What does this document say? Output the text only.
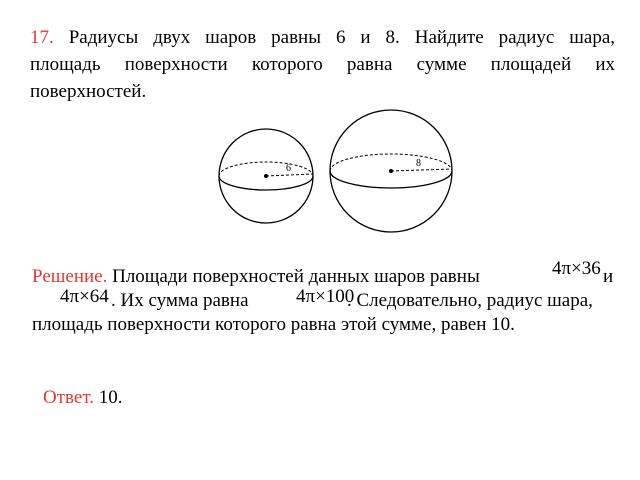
17. Радиусы двух шаров равны 6 и 8. Найдите радиус шара,
площадь поверхности которого равна сумме площадей их
поверхностей.
6	8
Решение. Площади поверхностей данных шаров равны	и
4π×36
4π×64	4π×100
. Их сумма равна	. Следовательно, радиус шара,
площадь поверхности которого равна этой сумме, равен 10.
Ответ. 10.
